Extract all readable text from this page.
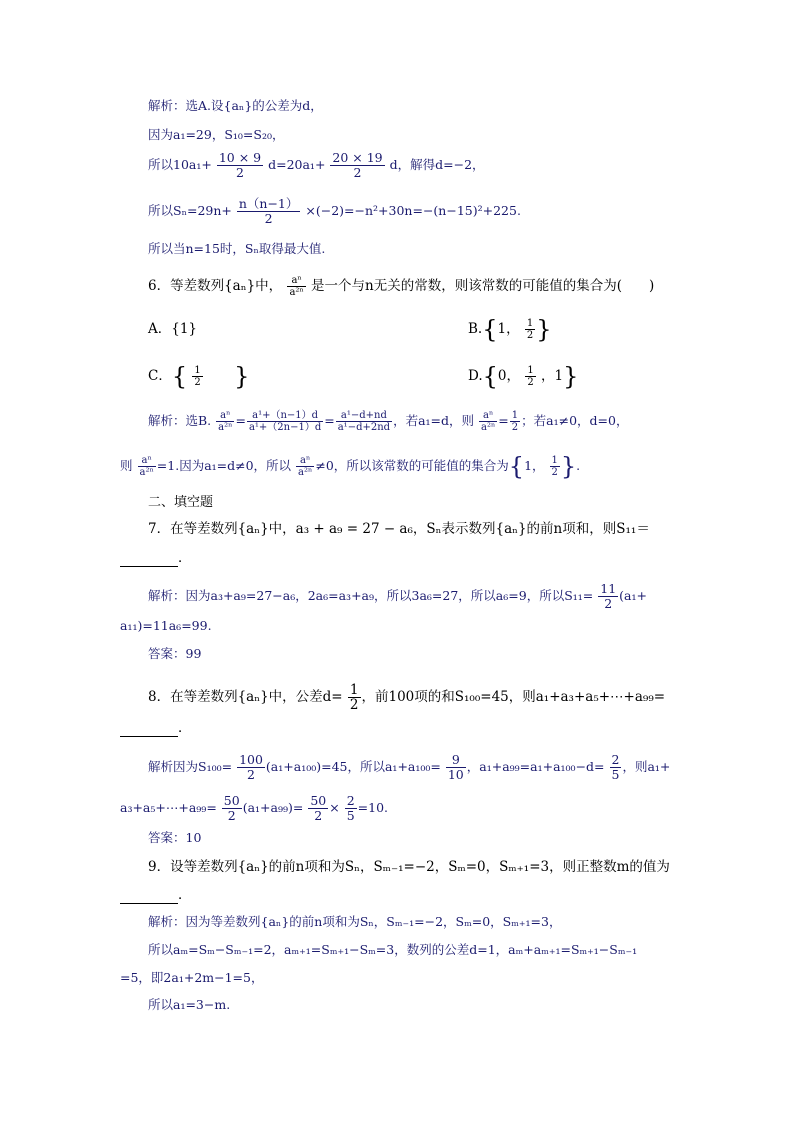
解析：选A.设{aₙ}的公差为d，
因为a₁=29，S₁₀=S₂₀，
所以$10a_1+ \frac{10 \times 9}{2} d=20a_1+ \frac{20 \times 19}{2}$ d，解得d=−2，
所以$S_n=29n+ \frac{n(n-1)}{2} \times(-2)=-n^2+30n=-(n-15)^2+225$.
所以当n=15时，Sₙ取得最大值.
6．等差数列{aₙ}中， $\frac{\text{aⁿ}}{\text{a²ⁿ}}$ 是一个与n无关的常数，则该常数的可能值的集合为(　　)
A．{1}	B.{1， $\frac{1}{2}$ }
C．{ $\frac{1}{2}$ }	D.{0， $\frac{1}{2}$ ，1}
解析：选B. $\frac{\text{aⁿ}}{\text{a²ⁿ}} = \frac{\text{a¹+（n−1）d}}{\text{a¹+（2n−1）d}} = \frac{\text{a¹−d+nd}}{\text{a¹−d+2nd}}$ ，若a₁=d，则 $\frac{\text{aⁿ}}{\text{a²ⁿ}} = \frac{1}{2}$ ；若a₁≠0，d=0，
则 $\frac{\text{aⁿ}}{\text{a²ⁿ}} =1$.因为a₁=d≠0，所以 $\frac{\text{aⁿ}}{\text{a²ⁿ}} \ne 0$，所以该常数的可能值的集合为{1， $\frac{1}{2}$ }.
二、填空题
7．在等差数列{aₙ}中，a₃ + a₉ = 27 − a₆，Sₙ表示数列{aₙ}的前n项和，则S₁₁＝
．
解析：因为a₃+a₉=27−a₆，2a₆=a₃+a₉，所以3a₆=27，所以a₆=9，所以$S_{11}= \frac{11}{2} (a_1+$
a₁₁)=11a₆=99.
答案：99
8．在等差数列{aₙ}中，公差$d= \frac{1}{2}$ ，前100项的和S₁₀₀=45，则a₁+a₃+a₅+⋯+a₉₉=
．
解析因为$S_{100}= \frac{100}{2} (a_1+a_{100})=45$，所以$a_1+a_{100}= \frac{9}{10}$ ，$a_1+a_{99}=a_1+a_{100}-d= \frac{2}{5}$ ，则a₁+
a₃+a₅+⋯+a₉₉= $\frac{50}{2} (a_1+a_{99})= \frac{50}{2} \times \frac{2}{5} =10$.
答案：10
9．设等差数列{aₙ}的前n项和为Sₙ，Sₘ₋₁=−2，Sₘ=0，Sₘ₊₁=3，则正整数m的值为
．
解析：因为等差数列{aₙ}的前n项和为Sₙ，Sₘ₋₁=−2，Sₘ=0，Sₘ₊₁=3，
所以aₘ=Sₘ−Sₘ₋₁=2，aₘ₊₁=Sₘ₊₁−Sₘ=3，数列的公差d=1，aₘ+aₘ₊₁=Sₘ₊₁−Sₘ₋₁
=5，即2a₁+2m−1=5，
所以a₁=3−m.
